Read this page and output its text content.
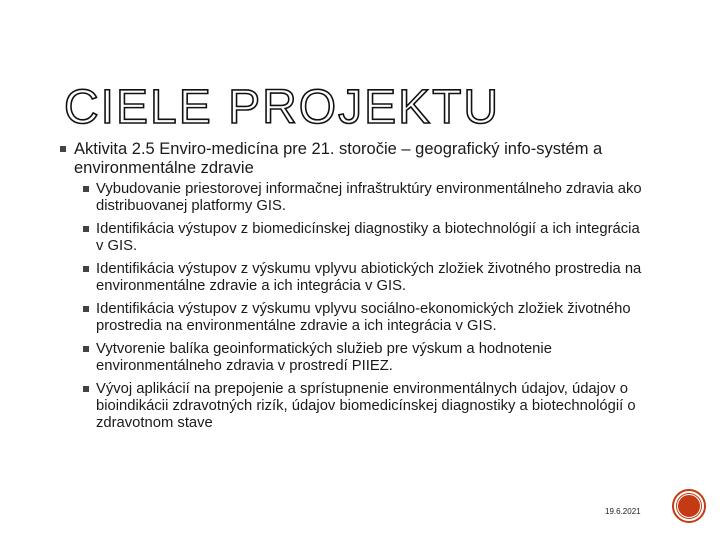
CIELE PROJEKTU
Aktivita 2.5 Enviro-medicína pre 21. storočie – geografický info-systém a environmentálne zdravie
Vybudovanie priestorovej informačnej infraštruktúry environmentálneho zdravia ako distribuovanej platformy GIS.
Identifikácia výstupov z biomedicínskej diagnostiky a biotechnológií a ich integrácia v GIS.
Identifikácia výstupov z výskumu vplyvu abiotických zložiek životného prostredia na environmentálne zdravie a ich integrácia v GIS.
Identifikácia výstupov z výskumu vplyvu sociálno-ekonomických zložiek životného prostredia na environmentálne zdravie a ich integrácia v GIS.
Vytvorenie balíka geoinformatických služieb pre výskum a hodnotenie environmentálneho zdravia v prostredí PIIEZ.
Vývoj aplikácií na prepojenie a sprístupnenie environmentálnych údajov, údajov o bioindikácii zdravotných rizík, údajov biomedicínskej diagnostiky a biotechnológií o zdravotnom stave
19.6.2021
